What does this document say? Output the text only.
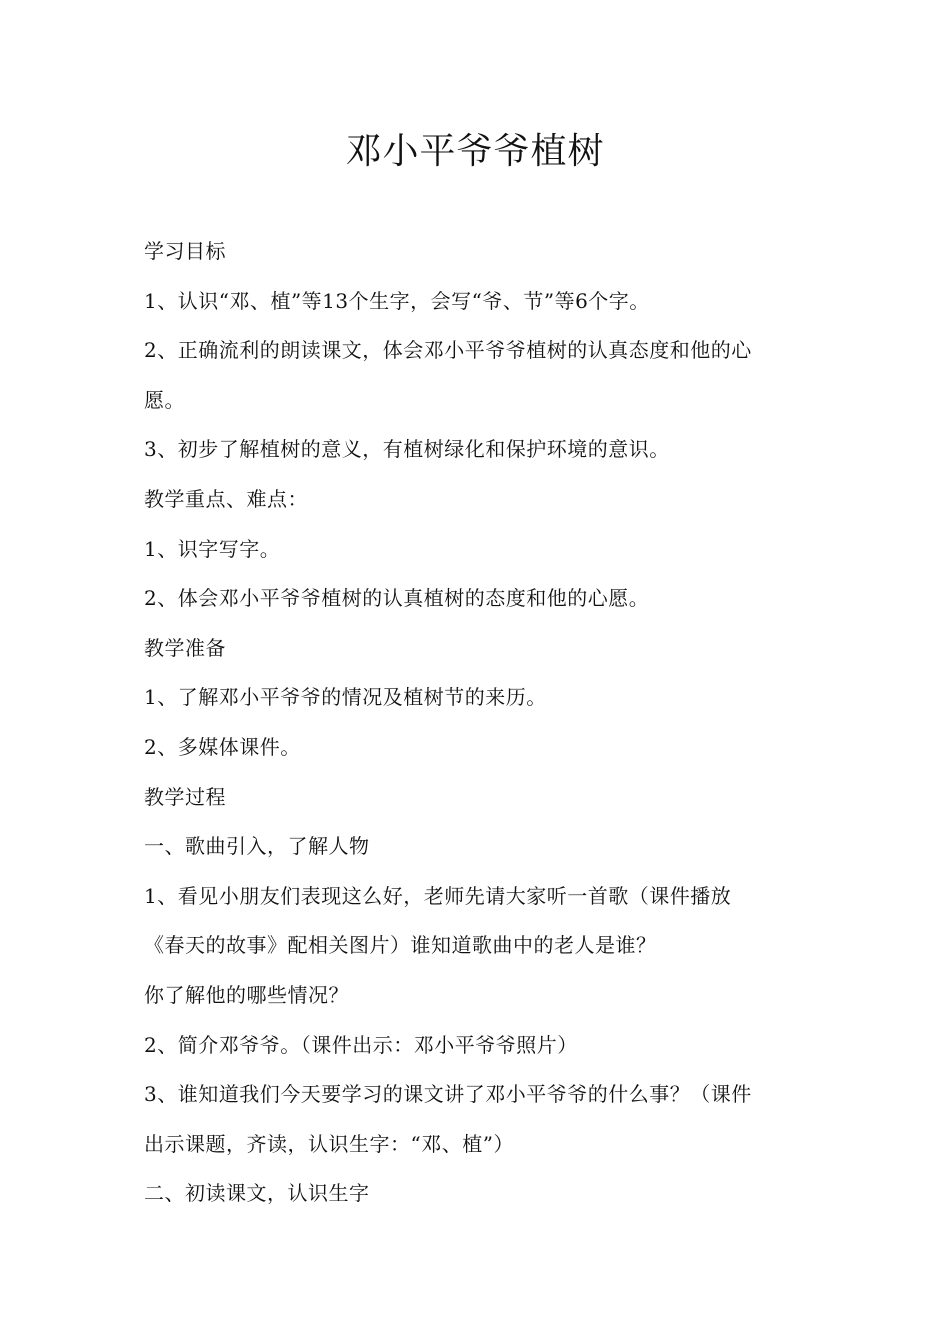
邓小平爷爷植树

学习目标

1、认识“邓、植”等13个生字，会写“爷、节”等6个字。

2、正确流利的朗读课文，体会邓小平爷爷植树的认真态度和他的心

愿。

3、初步了解植树的意义，有植树绿化和保护环境的意识。

教学重点、难点：

1、识字写字。

2、体会邓小平爷爷植树的认真植树的态度和他的心愿。

教学准备

1、了解邓小平爷爷的情况及植树节的来历。

2、多媒体课件。

教学过程

一、歌曲引入，了解人物

1、看见小朋友们表现这么好，老师先请大家听一首歌（课件播放

《春天的故事》配相关图片）谁知道歌曲中的老人是谁？

你了解他的哪些情况？

2、简介邓爷爷。（课件出示：邓小平爷爷照片）

3、谁知道我们今天要学习的课文讲了邓小平爷爷的什么事？（课件

出示课题，齐读，认识生字：“邓、植”）

二、初读课文，认识生字
